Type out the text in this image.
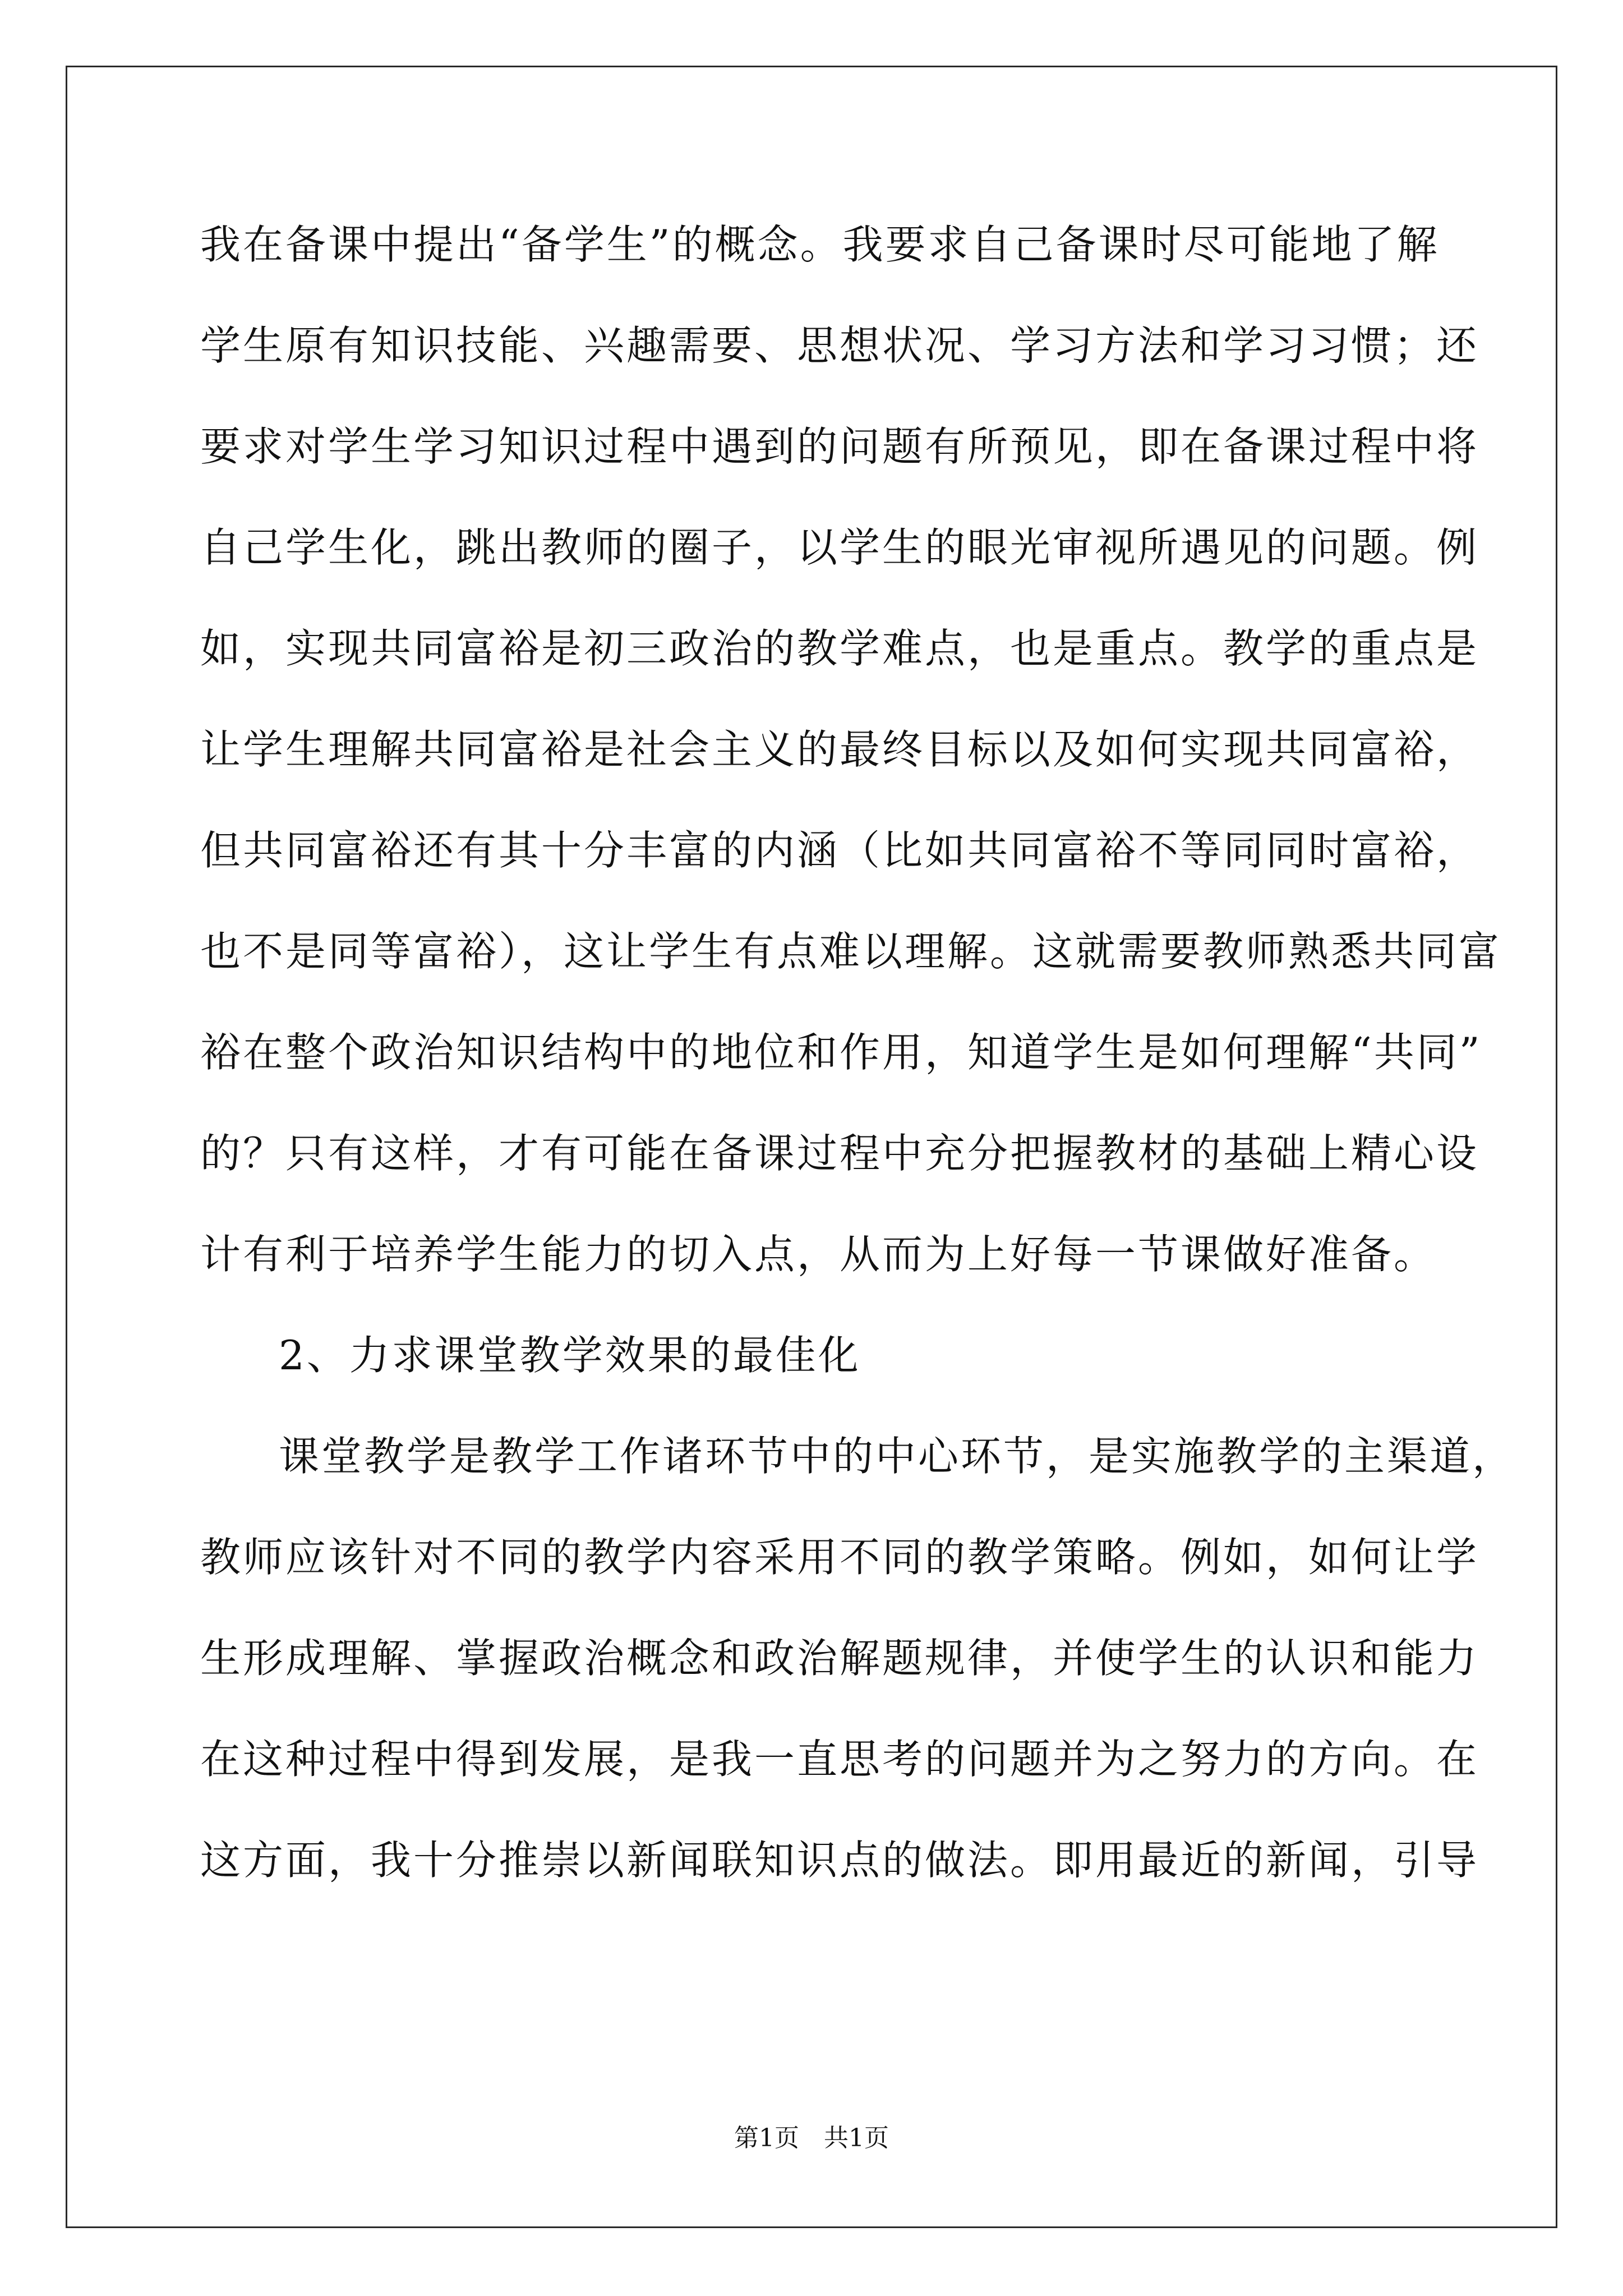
我在备课中提出“备学生”的概念。我要求自己备课时尽可能地了解
学生原有知识技能、兴趣需要、思想状况、学习方法和学习习惯；还
要求对学生学习知识过程中遇到的问题有所预见，即在备课过程中将
自己学生化，跳出教师的圈子，以学生的眼光审视所遇见的问题。例
如，实现共同富裕是初三政治的教学难点，也是重点。教学的重点是
让学生理解共同富裕是社会主义的最终目标以及如何实现共同富裕，
但共同富裕还有其十分丰富的内涵（比如共同富裕不等同同时富裕，
也不是同等富裕），这让学生有点难以理解。这就需要教师熟悉共同富
裕在整个政治知识结构中的地位和作用，知道学生是如何理解“共同”
的？只有这样，才有可能在备课过程中充分把握教材的基础上精心设
计有利于培养学生能力的切入点，从而为上好每一节课做好准备。
2、力求课堂教学效果的最佳化
课堂教学是教学工作诸环节中的中心环节，是实施教学的主渠道，
教师应该针对不同的教学内容采用不同的教学策略。例如，如何让学
生形成理解、掌握政治概念和政治解题规律，并使学生的认识和能力
在这种过程中得到发展，是我一直思考的问题并为之努力的方向。在
这方面，我十分推崇以新闻联知识点的做法。即用最近的新闻，引导
第1页　共1页
